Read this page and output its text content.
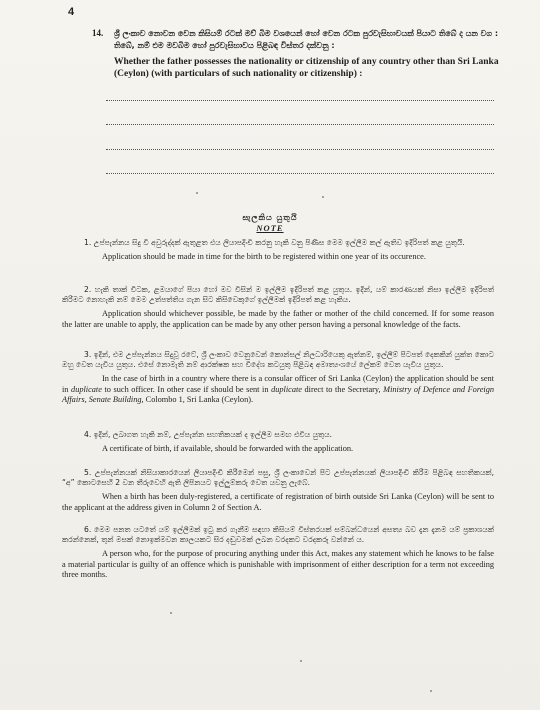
4
14. ශ්‍රී ලංකාව නොවන වෙන කිසියම් රටක් මව් බිම වශයෙන් හෝ වෙන රටක පුරවැසිභාවයක් පියාට තිබේ ද යන වග : තිබේ, නම් එම මවබිම හෝ පුරවැසිභාවය පිළිබඳ විස්තර දක්වනු :
Whether the father possesses the nationality or citizenship of any country other than Sri Lanka (Ceylon) (with particulars of such nationality or citizenship) :
සැලකිය යුතුයි
NOTE
1. උප්පැන්නය සිදු වී අවුරුද්දක් ඇතුළත එය ලියාපදිංචි කරනු හැකි වනු පිණිස මෙම ඉල්ලීම කල් ඇතිව ඉදිරිපත් කළ යුතුයි.
Application should be made in time for the birth to be registered within one year of its occurence.
2. හැකි තාක් විටක, ළමයාගේ පියා හෝ මව විසින් ම ඉල්ලීම ඉදිරිපත් කළ යුතුය. ඉදින්, යම් කාරණයක් නිසා ඉල්ලීම ඉදිරිපත් කිරීමට නොහැකි නම් මෙම උත්පත්තිය ගැන සිට කිසිවෙකුගේ ඉල්ලීමක් ඉදිරිපත් කළ හැකිය.
Application should whichever possible, be made by the father or mother of the child concerned. If for some reason the latter are unable to apply, the application can be made by any other person having a personal knowledge of the facts.
3. ඉදින්, එම උප්පැන්නය සිදුවූ රටේ, ශ්‍රී ලංකාව වෙනුවෙන් කොන්සල් නිලධාරියෙකු ඇත්නම්, ඉල්ලීම් පිටපත් දෙකකින් යුක්ත කොට ඔහු වෙත යැවිය යුතුය. එසේ නොමැති නම් ආරක්ෂක සහ විදේශ කටයුතු පිළිබඳ අමාත්‍යංශයේ ලේකම් වෙත යැවිය යුතුය.
In the case of birth in a country where there is a consular officer of Sri Lanka (Ceylon) the application should be sent in duplicate to such officer. In other case if should be sent in duplicate direct to the Secretary, Ministry of Defence and Foreign Affairs, Senate Building, Colombo 1, Sri Lanka (Ceylon).
4. ඉදින්, ලබාගත හැකි නම්, උප්පැන්න සහතිකයක් ද ඉල්ලීම සමඟ එවිය යුතුය.
A certificate of birth, if available, should be forwarded with the application.
5. උප්පැන්නයක් නිසියාකාරයෙන් ලියාපදිංචි කිරීමෙන් පසු, ශ්‍රී ලංකාවෙන් පිට උප්පැන්නයක් ලියාපදිංචි කිරීම පිළිබඳ සහතිකයක්, “අ” කොටසෙහි 2 වන තීරුවෙහි ඇති ලිපිනයට ඉල්ලුම්කරු වෙත යවනු ලැබේ.
When a birth has been duly-registered, a certificate of registration of birth outside Sri Lanka (Ceylon) will be sent to the applicant at the address given in Column 2 of Section A.
6. මෙම පනත යටතේ යම් ඉල්ලීමක් ඉටු කර ගැනීම සඳහා කිසියම් විස්තරයක් සම්බන්ධයෙන් අසත්‍ය බව දැන දැනම යම් ප්‍රකාශයක් කරන්නෙක්, තුන් මසක් නොඉක්මවන කාලයකට සිර දඬුවමක් ලබන වරදකට වරදකරු වන්නේ ය.
A person who, for the purpose of procuring anything under this Act, makes any statement which he knows to be false a material particular is guilty of an offence which is punishable with imprisonment of either description for a term not exceeding three months.
